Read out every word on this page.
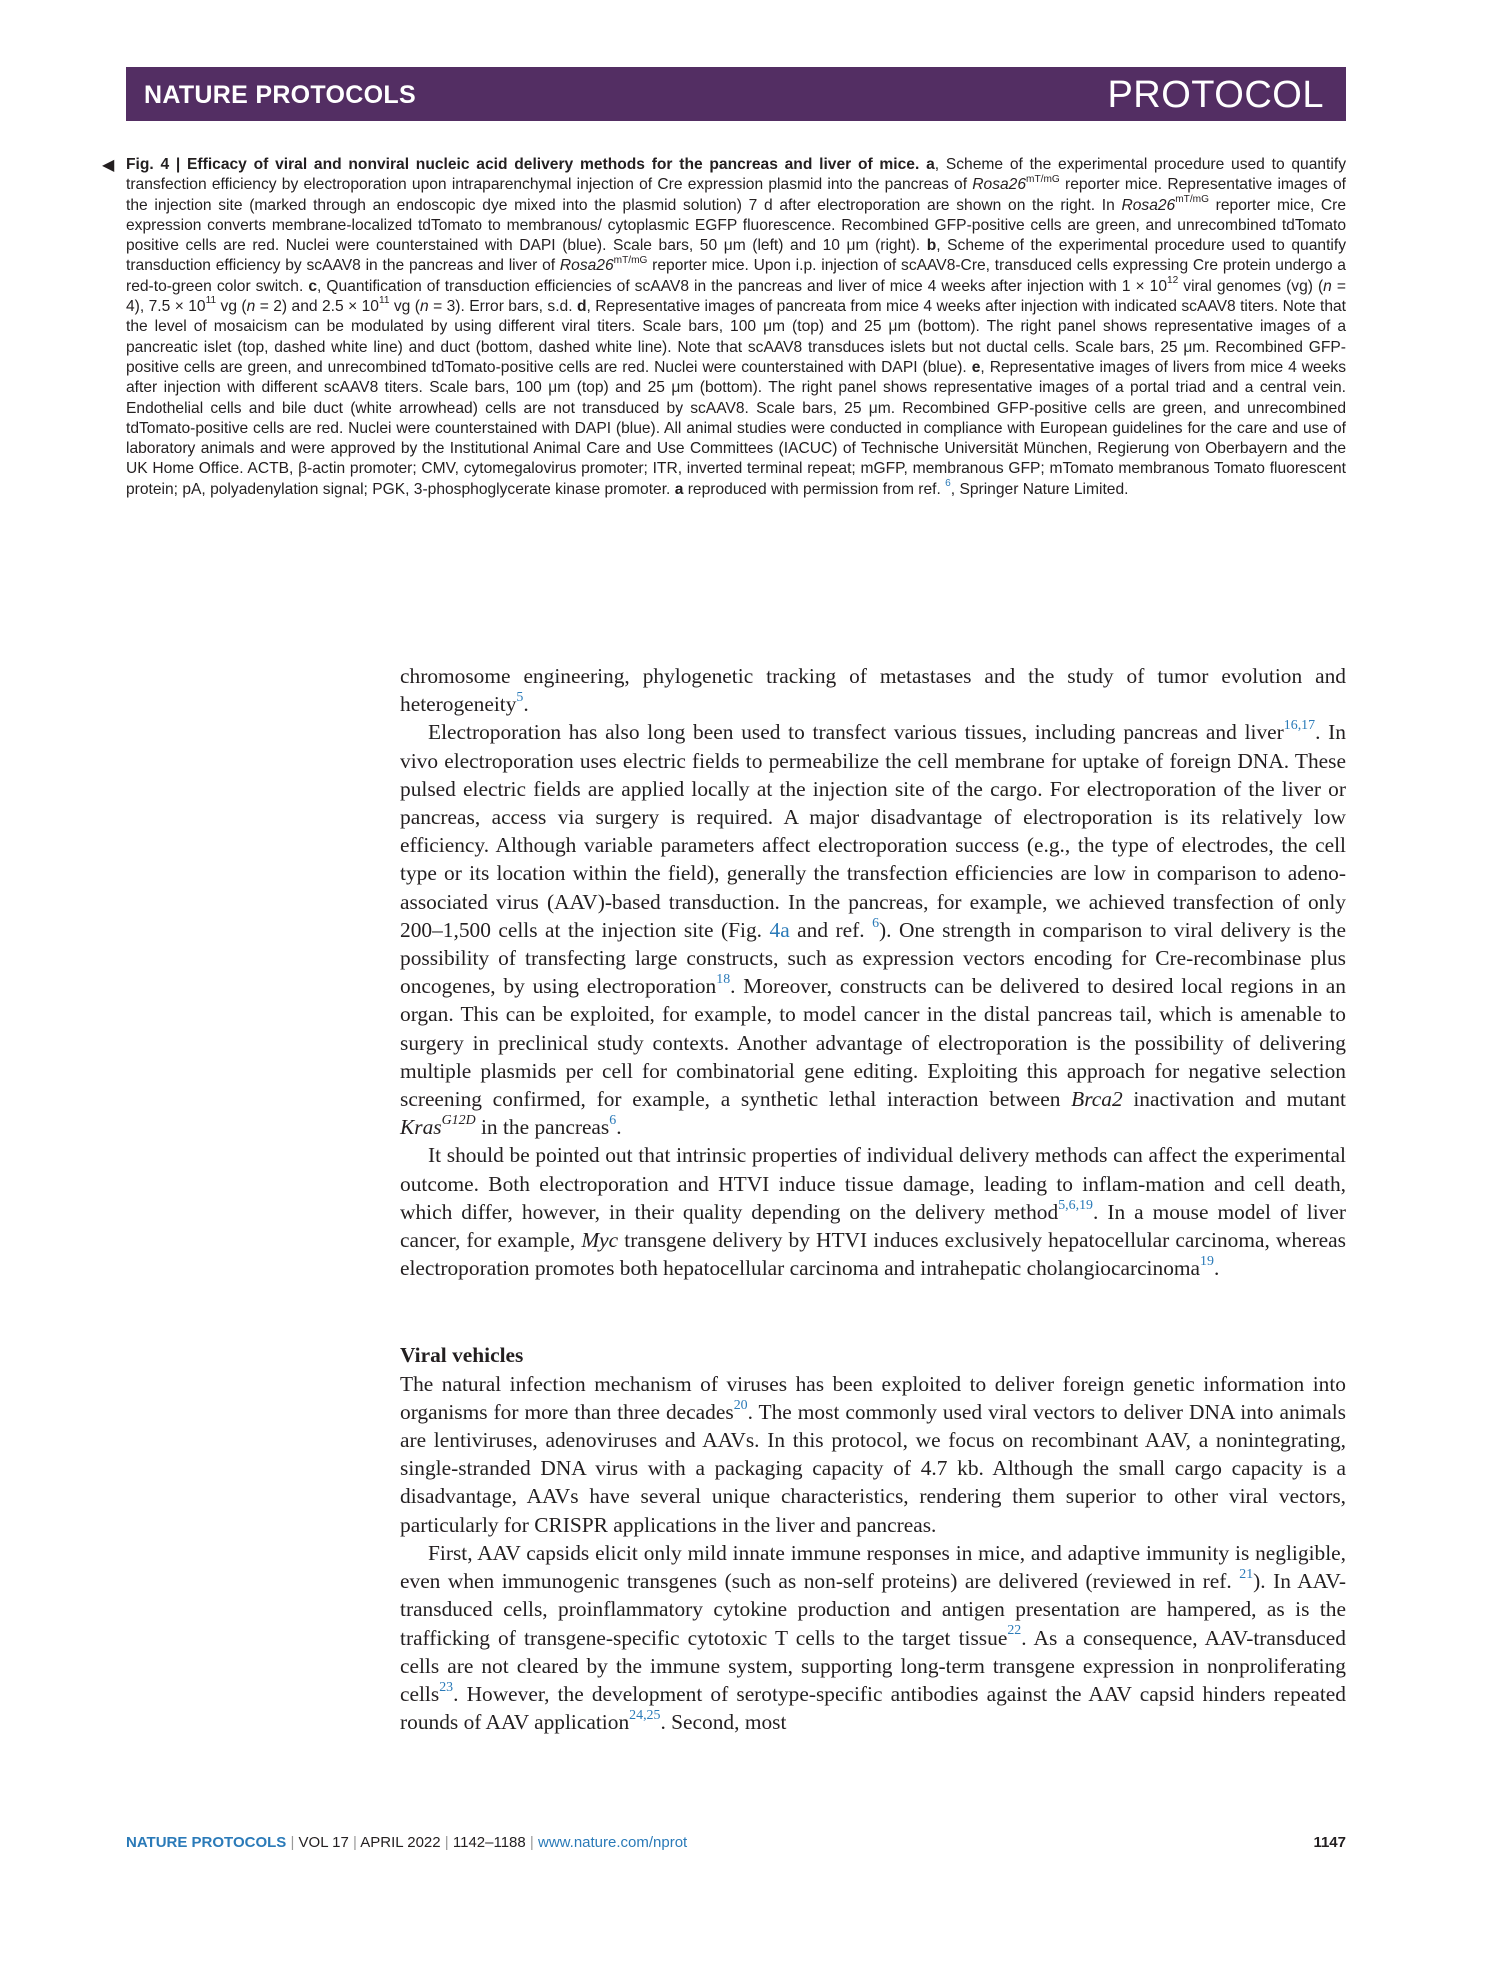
NATURE PROTOCOLS	PROTOCOL
◀ Fig. 4 | Efficacy of viral and nonviral nucleic acid delivery methods for the pancreas and liver of mice. a, Scheme of the experimental procedure used to quantify transfection efficiency by electroporation upon intraparenchymal injection of Cre expression plasmid into the pancreas of $Rosa26^{mT/mG}$ reporter mice. Representative images of the injection site (marked through an endoscopic dye mixed into the plasmid solution) 7 d after electroporation are shown on the right. In $Rosa26^{mT/mG}$ reporter mice, Cre expression converts membrane-localized tdTomato to membranous/ cytoplasmic EGFP fluorescence. Recombined GFP-positive cells are green, and unrecombined tdTomato positive cells are red. Nuclei were counterstained with DAPI (blue). Scale bars, 50 μm (left) and 10 μm (right). b, Scheme of the experimental procedure used to quantify transduction efficiency by scAAV8 in the pancreas and liver of $Rosa26^{mT/mG}$ reporter mice. Upon i.p. injection of scAAV8-Cre, transduced cells expressing Cre protein undergo a red-to-green color switch. c, Quantification of transduction efficiencies of scAAV8 in the pancreas and liver of mice 4 weeks after injection with $1 \times 10^{12}$ viral genomes (vg) (n = 4), $7.5 \times 10^{11}$ vg (n = 2) and $2.5 \times 10^{11}$ vg (n = 3). Error bars, s.d. d, Representative images of pancreata from mice 4 weeks after injection with indicated scAAV8 titers. Note that the level of mosaicism can be modulated by using different viral titers. Scale bars, 100 μm (top) and 25 μm (bottom). The right panel shows representative images of a pancreatic islet (top, dashed white line) and duct (bottom, dashed white line). Note that scAAV8 transduces islets but not ductal cells. Scale bars, 25 μm. Recombined GFP-positive cells are green, and unrecombined tdTomato-positive cells are red. Nuclei were counterstained with DAPI (blue). e, Representative images of livers from mice 4 weeks after injection with different scAAV8 titers. Scale bars, 100 μm (top) and 25 μm (bottom). The right panel shows representative images of a portal triad and a central vein. Endothelial cells and bile duct (white arrowhead) cells are not transduced by scAAV8. Scale bars, 25 μm. Recombined GFP-positive cells are green, and unrecombined tdTomato-positive cells are red. Nuclei were counterstained with DAPI (blue). All animal studies were conducted in compliance with European guidelines for the care and use of laboratory animals and were approved by the Institutional Animal Care and Use Committees (IACUC) of Technische Universität München, Regierung von Oberbayern and the UK Home Office. ACTB, β-actin promoter; CMV, cytomegalovirus promoter; ITR, inverted terminal repeat; mGFP, membranous GFP; mTomato membranous Tomato fluorescent protein; pA, polyadenylation signal; PGK, 3-phosphoglycerate kinase promoter. a reproduced with permission from ref. $^6$, Springer Nature Limited.

chromosome engineering, phylogenetic tracking of metastases and the study of tumor evolution and heterogeneity$^5$.

Electroporation has also long been used to transfect various tissues, including pancreas and liver$^{16,17}$. In vivo electroporation uses electric fields to permeabilize the cell membrane for uptake of foreign DNA. These pulsed electric fields are applied locally at the injection site of the cargo. For electroporation of the liver or pancreas, access via surgery is required. A major disadvantage of electroporation is its relatively low efficiency. Although variable parameters affect electroporation success (e.g., the type of electrodes, the cell type or its location within the field), generally the transfection efficiencies are low in comparison to adeno-associated virus (AAV)-based transduction. In the pancreas, for example, we achieved transfection of only 200–1,500 cells at the injection site (Fig. 4a and ref. $^6$). One strength in comparison to viral delivery is the possibility of transfecting large constructs, such as expression vectors encoding for Cre-recombinase plus oncogenes, by using electroporation$^{18}$. Moreover, constructs can be delivered to desired local regions in an organ. This can be exploited, for example, to model cancer in the distal pancreas tail, which is amenable to surgery in preclinical study contexts. Another advantage of electroporation is the possibility of delivering multiple plasmids per cell for combinatorial gene editing. Exploiting this approach for negative selection screening confirmed, for example, a synthetic lethal interaction between Brca2 inactivation and mutant Kras$^{G12D}$ in the pancreas$^6$.

It should be pointed out that intrinsic properties of individual delivery methods can affect the experimental outcome. Both electroporation and HTVI induce tissue damage, leading to inflam-mation and cell death, which differ, however, in their quality depending on the delivery method$^{5,6,19}$. In a mouse model of liver cancer, for example, Myc transgene delivery by HTVI induces exclusively hepatocellular carcinoma, whereas electroporation promotes both hepatocellular carcinoma and intrahepatic cholangiocarcinoma$^{19}$.

Viral vehicles

The natural infection mechanism of viruses has been exploited to deliver foreign genetic information into organisms for more than three decades$^{20}$. The most commonly used viral vectors to deliver DNA into animals are lentiviruses, adenoviruses and AAVs. In this protocol, we focus on recombinant AAV, a nonintegrating, single-stranded DNA virus with a packaging capacity of 4.7 kb. Although the small cargo capacity is a disadvantage, AAVs have several unique characteristics, rendering them superior to other viral vectors, particularly for CRISPR applications in the liver and pancreas.

First, AAV capsids elicit only mild innate immune responses in mice, and adaptive immunity is negligible, even when immunogenic transgenes (such as non-self proteins) are delivered (reviewed in ref. $^{21}$). In AAV-transduced cells, proinflammatory cytokine production and antigen presentation are hampered, as is the trafficking of transgene-specific cytotoxic T cells to the target tissue$^{22}$. As a consequence, AAV-transduced cells are not cleared by the immune system, supporting long-term transgene expression in nonproliferating cells$^{23}$. However, the development of serotype-specific antibodies against the AAV capsid hinders repeated rounds of AAV application$^{24,25}$. Second, most

NATURE PROTOCOLS | VOL 17 | APRIL 2022 | 1142–1188 | www.nature.com/nprot	1147
